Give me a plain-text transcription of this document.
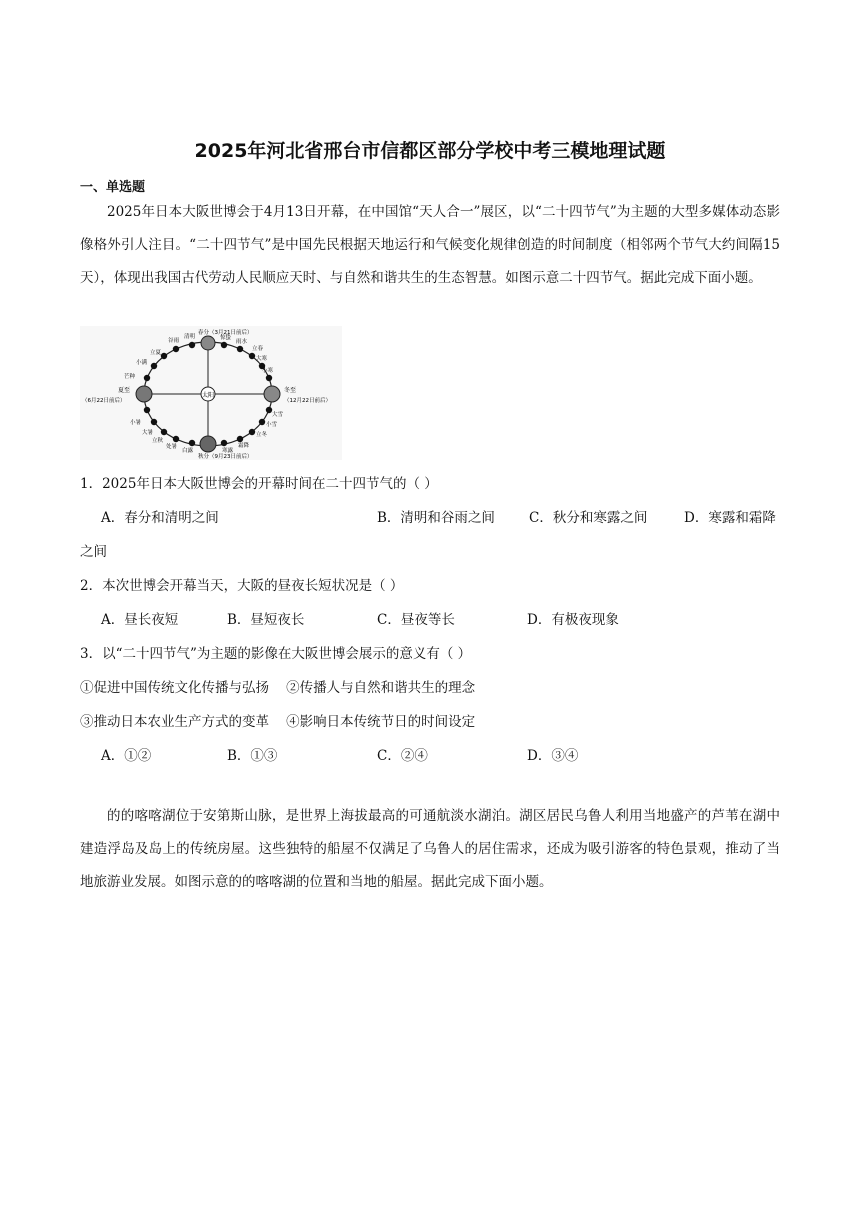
2025年河北省邢台市信都区部分学校中考三模地理试题
一、单选题

2025年日本大阪世博会于4月13日开幕，在中国馆“天人合一”展区，以“二十四节气”为主题的大型多媒体动态影像格外引人注目。“二十四节气”是中国先民根据天地运行和气候变化规律创造的时间制度（相邻两个节气大约间隔15天），体现出我国古代劳动人民顺应天时、与自然和谐共生的生态智慧。如图示意二十四节气。据此完成下面小题。

太阳
春分（3月21日前后）
夏至
（6月22日前后）
秋分（9月23日前后）
冬至
（12月22日前后）
谷雨
清明	惊蛰
雨水
立春
大寒
小寒
立夏
小满
芒种
小暑
大暑
立秋
处暑
白露	寒露
霜降
立冬
小雪
大雪
1．2025年日本大阪世博会的开幕时间在二十四节气的（ ）
A．春分和清明之间	B．清明和谷雨之间	C．秋分和寒露之间	D．寒露和霜降
之间
2．本次世博会开幕当天，大阪的昼夜长短状况是（ ）
A．昼长夜短	B．昼短夜长	C．昼夜等长	D．有极夜现象
3．以“二十四节气”为主题的影像在大阪世博会展示的意义有（ ）
①促进中国传统文化传播与弘扬    ②传播人与自然和谐共生的理念
③推动日本农业生产方式的变革    ④影响日本传统节日的时间设定
A．①②	B．①③	C．②④	D．③④

的的喀喀湖位于安第斯山脉，是世界上海拔最高的可通航淡水湖泊。湖区居民乌鲁人利用当地盛产的芦苇在湖中建造浮岛及岛上的传统房屋。这些独特的船屋不仅满足了乌鲁人的居住需求，还成为吸引游客的特色景观，推动了当地旅游业发展。如图示意的的喀喀湖的位置和当地的船屋。据此完成下面小题。
